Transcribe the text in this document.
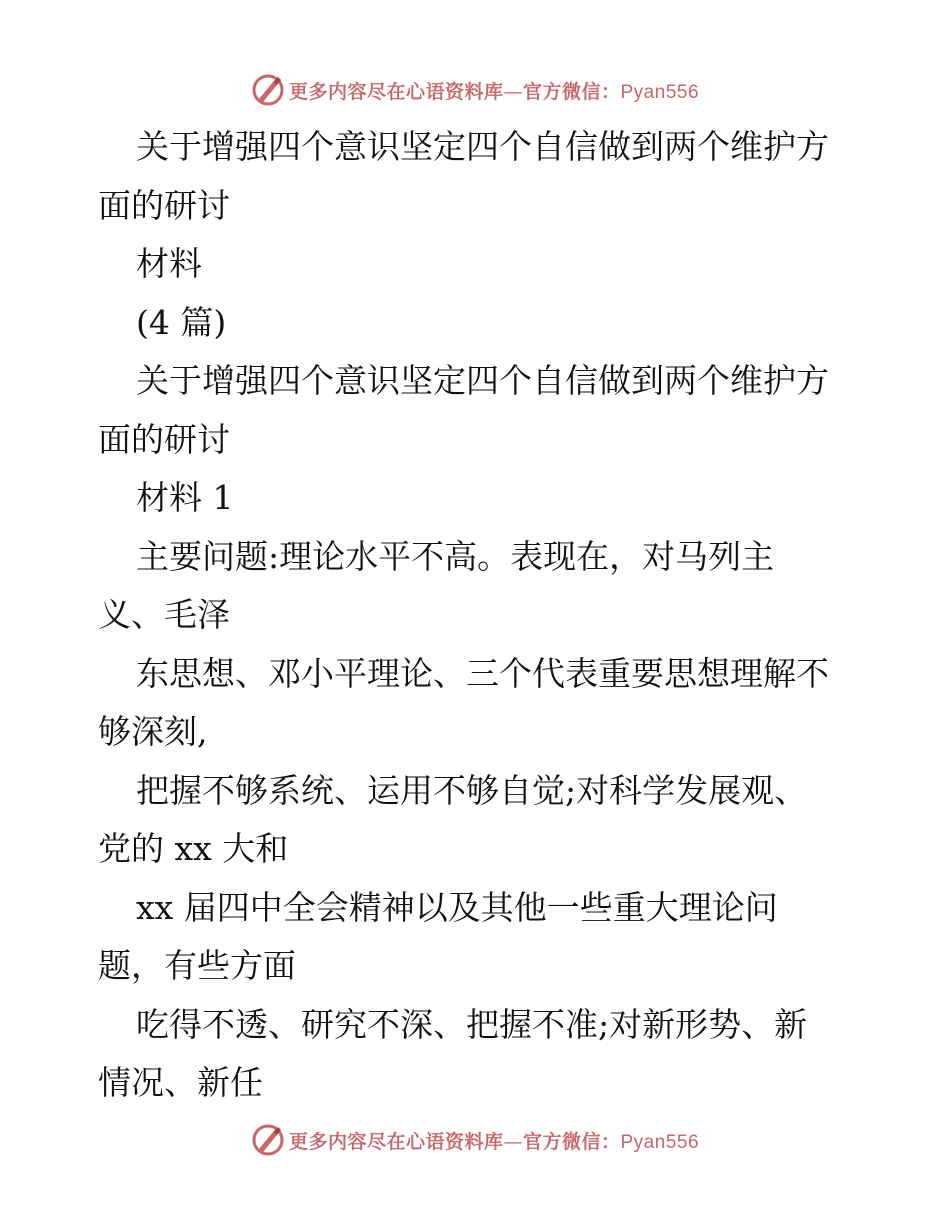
更多内容尽在心语资料库—官方微信：Pyan556
关于增强四个意识坚定四个自信做到两个维护方
面的研讨
材料
(4 篇)
关于增强四个意识坚定四个自信做到两个维护方
面的研讨
材料 1
主要问题:理论水平不高。表现在，对马列主
义、毛泽
东思想、邓小平理论、三个代表重要思想理解不
够深刻,
把握不够系统、运用不够自觉;对科学发展观、
党的 xx 大和
xx 届四中全会精神以及其他一些重大理论问
题，有些方面
吃得不透、研究不深、把握不准;对新形势、新
情况、新任
更多内容尽在心语资料库—官方微信：Pyan556
